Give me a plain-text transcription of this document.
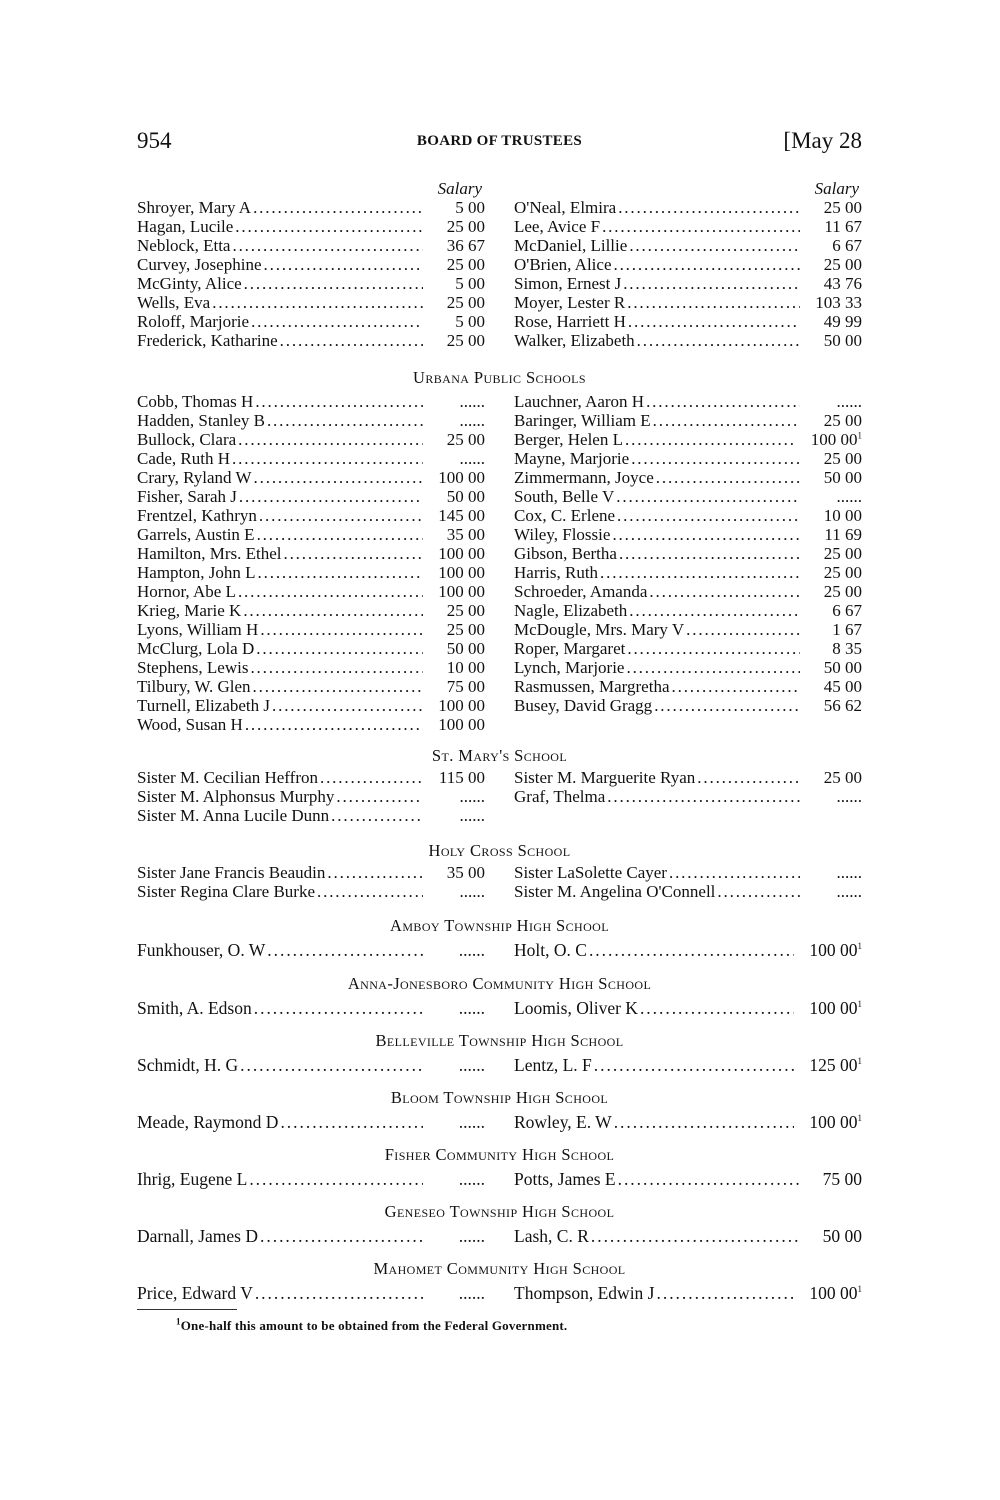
954	BOARD OF TRUSTEES	[May 28
Salary
Shroyer, Mary A . . .	5 00
Hagan, Lucile . . .	25 00
Neblock, Etta . . .	36 67
Curvey, Josephine . . .	25 00
McGinty, Alice . . .	5 00
Wells, Eva . . .	25 00
Roloff, Marjorie . . .	5 00
Frederick, Katharine . . .	25 00
Salary
O'Neal, Elmira . . .	25 00
Lee, Avice F . . .	11 67
McDaniel, Lillie . . .	6 67
O'Brien, Alice . . .	25 00
Simon, Ernest J . . .	43 76
Moyer, Lester R . . .	103 33
Rose, Harriett H . . .	49 99
Walker, Elizabeth . . .	50 00
Urbana Public Schools
Cobb, Thomas H . . .	......
Hadden, Stanley B . . .	......
Bullock, Clara . . .	25 00
Cade, Ruth H . . .	......
Crary, Ryland W . . .	100 00
Fisher, Sarah J . . .	50 00
Frentzel, Kathryn . . .	145 00
Garrels, Austin E . . .	35 00
Hamilton, Mrs. Ethel . . .	100 00
Hampton, John L . . .	100 00
Hornor, Abe L . . .	100 00
Krieg, Marie K . . .	25 00
Lyons, William H . . .	25 00
McClurg, Lola D . . .	50 00
Stephens, Lewis . . .	10 00
Tilbury, W. Glen . . .	75 00
Turnell, Elizabeth J . . .	100 00
Wood, Susan H . . .	100 00
Lauchner, Aaron H . . .	......
Baringer, William E . . .	25 00
Berger, Helen L . . .	100 $00^1$
Mayne, Marjorie . . .	25 00
Zimmermann, Joyce . . .	50 00
South, Belle V . . .	......
Cox, C. Erlene . . .	10 00
Wiley, Flossie . . .	11 69
Gibson, Bertha . . .	25 00
Harris, Ruth . . .	25 00
Schroeder, Amanda . . .	25 00
Nagle, Elizabeth . . .	6 67
McDougle, Mrs. Mary V . . .	1 67
Roper, Margaret . . .	8 35
Lynch, Marjorie . . .	50 00
Rasmussen, Margretha . . .	45 00
Busey, David Gragg . . .	56 62
St. Mary's School
Sister M. Cecilian Heffron . . .	115 00
Sister M. Alphonsus Murphy . . .	......
Sister M. Anna Lucile Dunn . . .	......
Sister M. Marguerite Ryan . . .	25 00
Graf, Thelma . . .	......
Holy Cross School
Sister Jane Francis Beaudin . . .	35 00
Sister Regina Clare Burke . . .	......
Sister LaSolette Cayer . . .	......
Sister M. Angelina O'Connell . . .	......
Amboy Township High School
Funkhouser, O. W . . .	...... Holt, O. C . . .	100 $00^1$
Anna-Jonesboro Community High School
Smith, A. Edson . . .	...... Loomis, Oliver K . . .	100 $00^1$
Belleville Township High School
Schmidt, H. G . . .	...... Lentz, L. F . . .	125 $00^1$
Bloom Township High School
Meade, Raymond D . . .	...... Rowley, E. W . . .	100 $00^1$
Fisher Community High School
Ihrig, Eugene L . . .	...... Potts, James E . . .	75 00
Geneseo Township High School
Darnall, James D . . .	...... Lash, C. R . . .	50 00
Mahomet Community High School
Price, Edward V . . .	...... Thompson, Edwin J . . .	100 $00^1$
$^1$One-half this amount to be obtained from the Federal Government.
